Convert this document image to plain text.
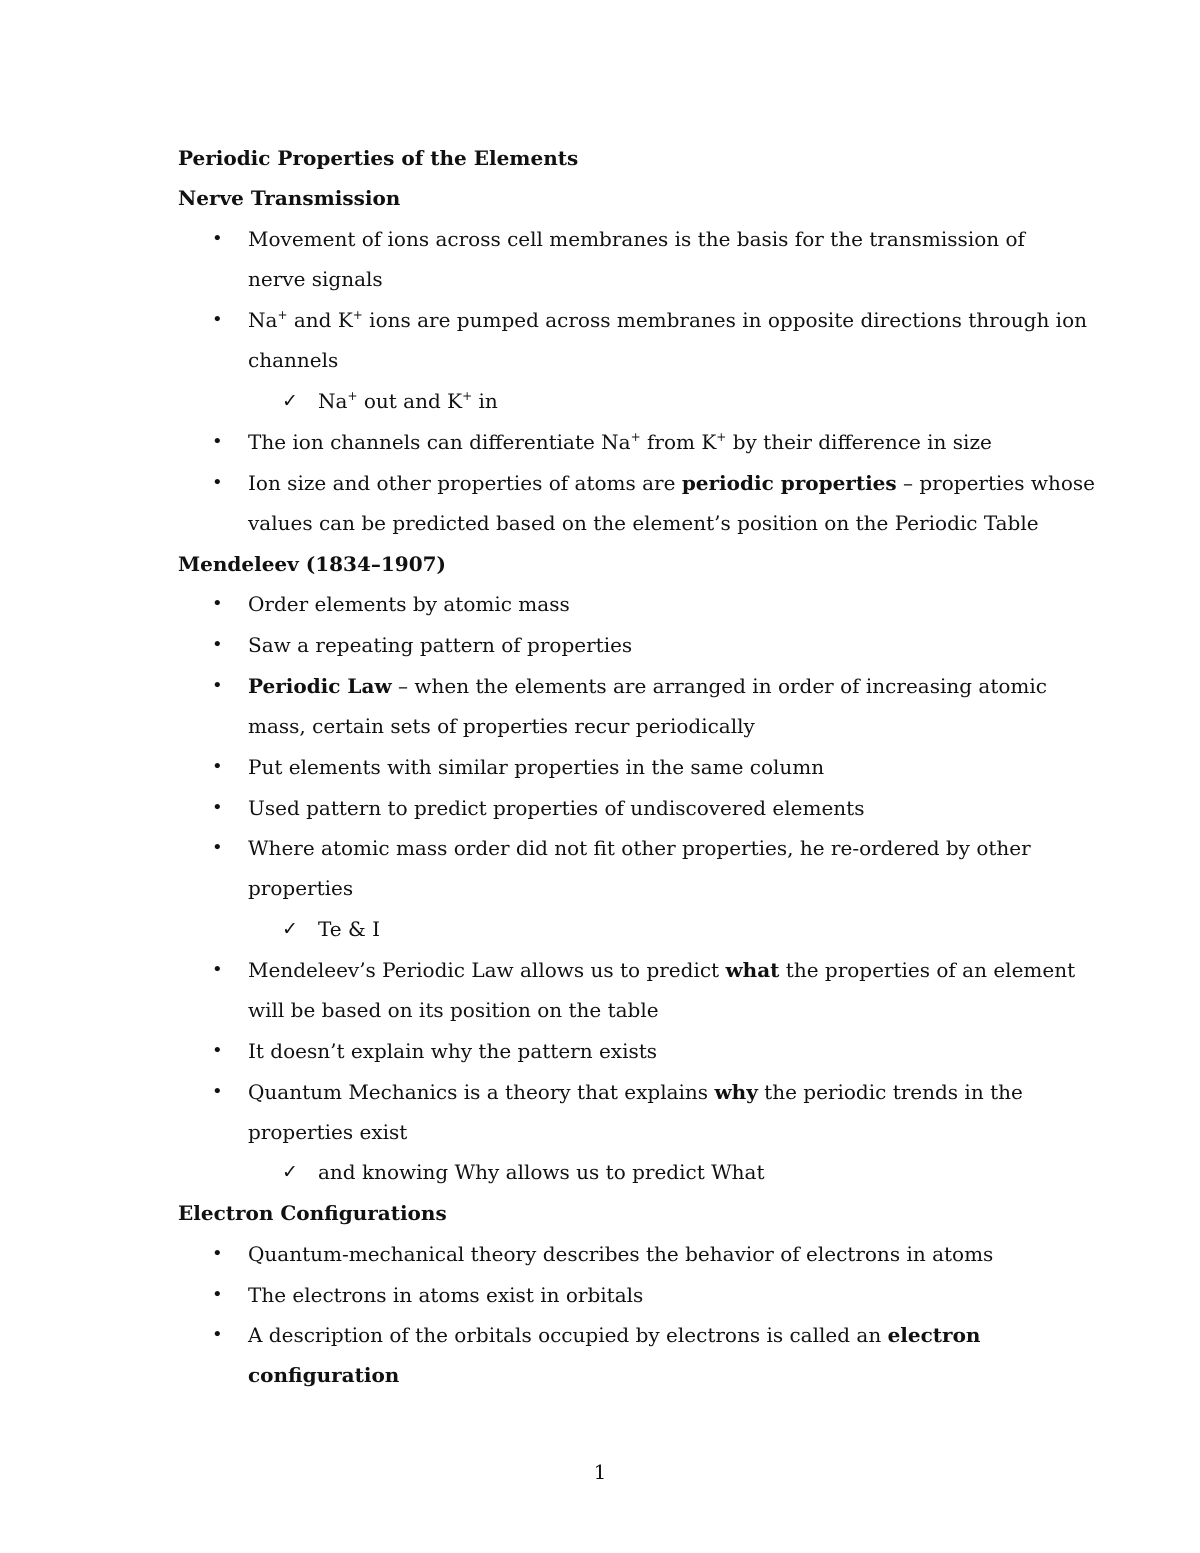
Periodic Properties of the Elements
Nerve Transmission
• Movement of ions across cell membranes is the basis for the transmission of
nerve signals
• Na+ and K+ ions are pumped across membranes in opposite directions through ion
channels
✓ Na+ out and K+ in
• The ion channels can differentiate Na+ from K+ by their difference in size
• Ion size and other properties of atoms are periodic properties – properties whose
values can be predicted based on the element’s position on the Periodic Table
Mendeleev (1834–1907)
• Order elements by atomic mass
• Saw a repeating pattern of properties
• Periodic Law – when the elements are arranged in order of increasing atomic
mass, certain sets of properties recur periodically
• Put elements with similar properties in the same column
• Used pattern to predict properties of undiscovered elements
• Where atomic mass order did not fit other properties, he re-ordered by other
properties
✓ Te & I
• Mendeleev’s Periodic Law allows us to predict what the properties of an element
will be based on its position on the table
• It doesn’t explain why the pattern exists
• Quantum Mechanics is a theory that explains why the periodic trends in the
properties exist
✓ and knowing Why allows us to predict What
Electron Configurations
• Quantum-mechanical theory describes the behavior of electrons in atoms
• The electrons in atoms exist in orbitals
• A description of the orbitals occupied by electrons is called an electron
configuration
1
